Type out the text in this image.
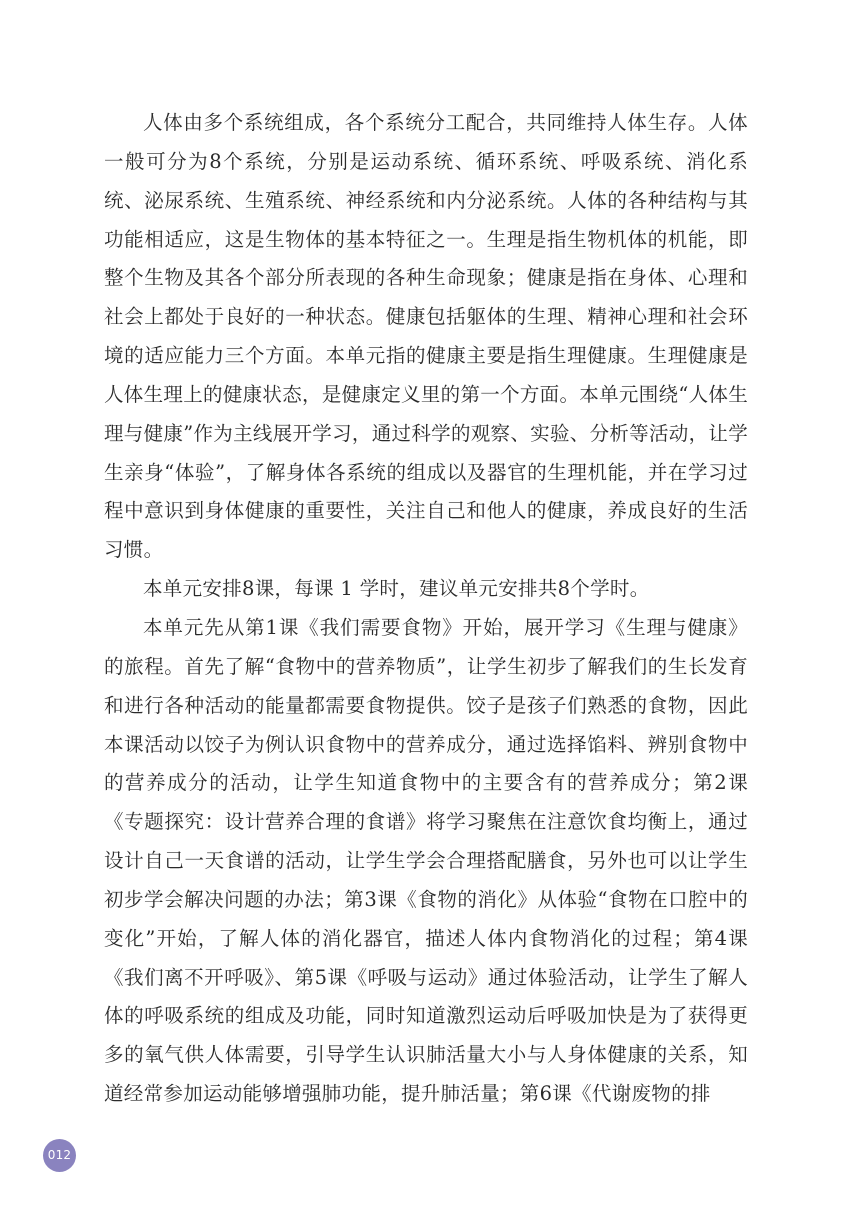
人体由多个系统组成，各个系统分工配合，共同维持人体生存。人体一般可分为8个系统，分别是运动系统、循环系统、呼吸系统、消化系统、泌尿系统、生殖系统、神经系统和内分泌系统。人体的各种结构与其功能相适应，这是生物体的基本特征之一。生理是指生物机体的机能，即整个生物及其各个部分所表现的各种生命现象；健康是指在身体、心理和社会上都处于良好的一种状态。健康包括躯体的生理、精神心理和社会环境的适应能力三个方面。本单元指的健康主要是指生理健康。生理健康是人体生理上的健康状态，是健康定义里的第一个方面。本单元围绕“人体生理与健康”作为主线展开学习，通过科学的观察、实验、分析等活动，让学生亲身“体验”，了解身体各系统的组成以及器官的生理机能，并在学习过程中意识到身体健康的重要性，关注自己和他人的健康，养成良好的生活习惯。

本单元安排8课，每课 1 学时，建议单元安排共8个学时。

本单元先从第1课《我们需要食物》开始，展开学习《生理与健康》的旅程。首先了解“食物中的营养物质”，让学生初步了解我们的生长发育和进行各种活动的能量都需要食物提供。饺子是孩子们熟悉的食物，因此本课活动以饺子为例认识食物中的营养成分，通过选择馅料、辨别食物中的营养成分的活动，让学生知道食物中的主要含有的营养成分；第2课《专题探究：设计营养合理的食谱》将学习聚焦在注意饮食均衡上，通过设计自己一天食谱的活动，让学生学会合理搭配膳食，另外也可以让学生初步学会解决问题的办法；第3课《食物的消化》从体验“食物在口腔中的变化”开始，了解人体的消化器官，描述人体内食物消化的过程；第4课《我们离不开呼吸》、第5课《呼吸与运动》通过体验活动，让学生了解人体的呼吸系统的组成及功能，同时知道激烈运动后呼吸加快是为了获得更多的氧气供人体需要，引导学生认识肺活量大小与人身体健康的关系，知道经常参加运动能够增强肺功能，提升肺活量；第6课《代谢废物的排

012
